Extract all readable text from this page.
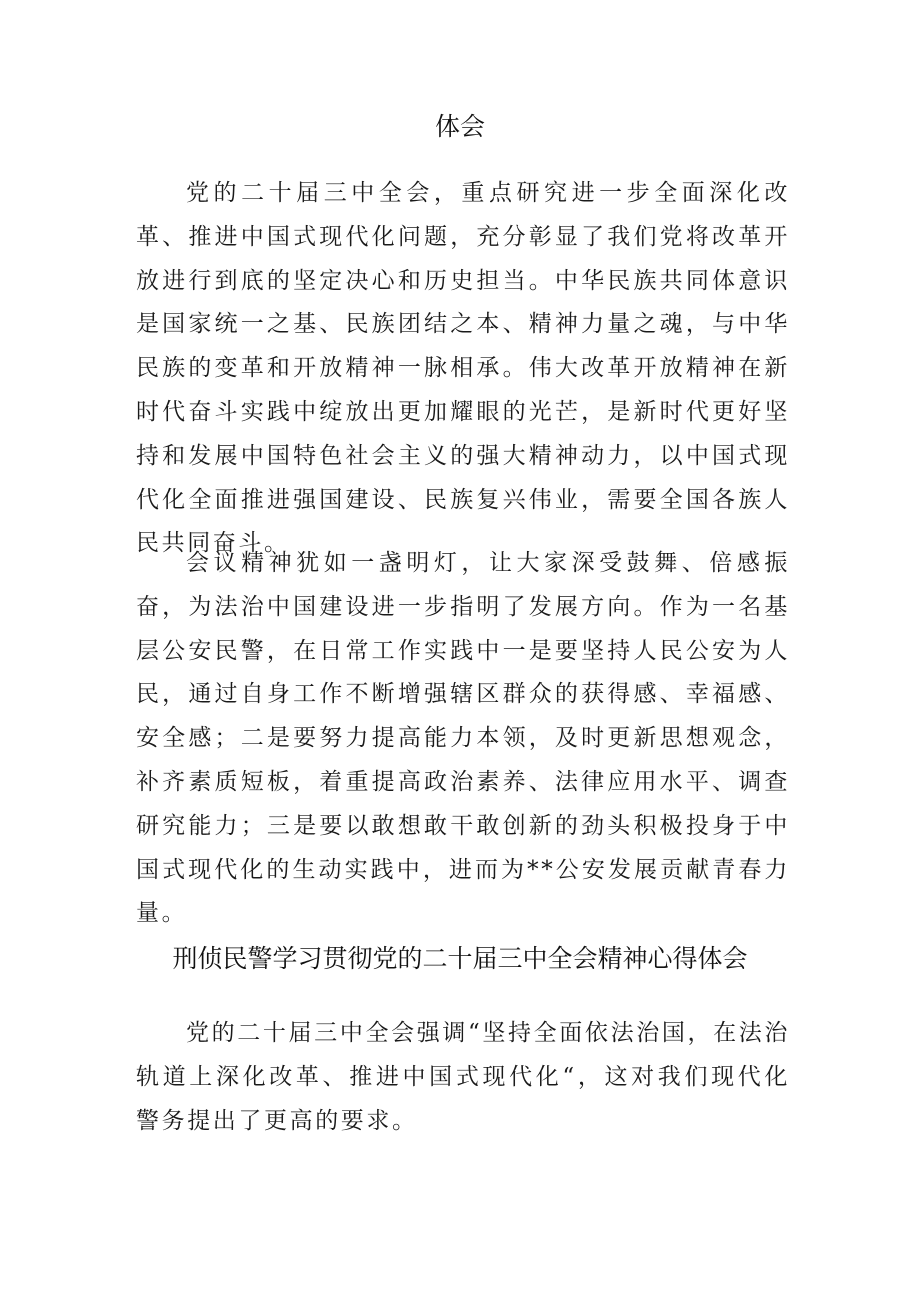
体会

党的二十届三中全会，重点研究进一步全面深化改革、推进中国式现代化问题，充分彰显了我们党将改革开放进行到底的坚定决心和历史担当。中华民族共同体意识是国家统一之基、民族团结之本、精神力量之魂，与中华民族的变革和开放精神一脉相承。伟大改革开放精神在新时代奋斗实践中绽放出更加耀眼的光芒，是新时代更好坚持和发展中国特色社会主义的强大精神动力，以中国式现代化全面推进强国建设、民族复兴伟业，需要全国各族人民共同奋斗。

会议精神犹如一盏明灯，让大家深受鼓舞、倍感振奋，为法治中国建设进一步指明了发展方向。作为一名基层公安民警，在日常工作实践中一是要坚持人民公安为人民，通过自身工作不断增强辖区群众的获得感、幸福感、安全感；二是要努力提高能力本领，及时更新思想观念，补齐素质短板，着重提高政治素养、法律应用水平、调查研究能力；三是要以敢想敢干敢创新的劲头积极投身于中国式现代化的生动实践中，进而为**公安发展贡献青春力量。

刑侦民警学习贯彻党的二十届三中全会精神心得体会

党的二十届三中全会强调“坚持全面依法治国，在法治轨道上深化改革、推进中国式现代化“，这对我们现代化警务提出了更高的要求。
